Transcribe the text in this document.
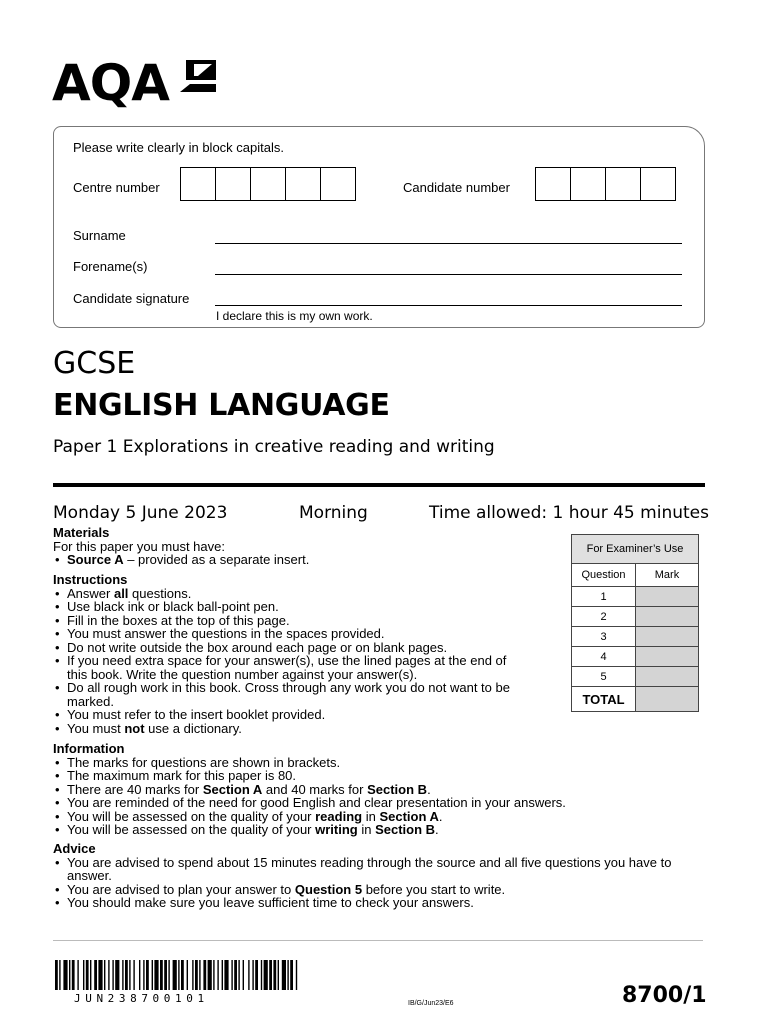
AQA
Please write clearly in block capitals.
Centre number	Candidate number
Surname
Forename(s)
Candidate signature
I declare this is my own work.
GCSE
ENGLISH LANGUAGE
Paper 1 Explorations in creative reading and writing
Monday 5 June 2023	Morning	Time allowed: 1 hour 45 minutes
Materials
For this paper you must have:
• Source A – provided as a separate insert.
Instructions
• Answer all questions.
• Use black ink or black ball-point pen.
• Fill in the boxes at the top of this page.
• You must answer the questions in the spaces provided.
• Do not write outside the box around each page or on blank pages.
• If you need extra space for your answer(s), use the lined pages at the end of this book. Write the question number against your answer(s).
• Do all rough work in this book. Cross through any work you do not want to be marked.
• You must refer to the insert booklet provided.
• You must not use a dictionary.
Information
• The marks for questions are shown in brackets.
• The maximum mark for this paper is 80.
• There are 40 marks for Section A and 40 marks for Section B.
• You are reminded of the need for good English and clear presentation in your answers.
• You will be assessed on the quality of your reading in Section A.
• You will be assessed on the quality of your writing in Section B.
Advice
• You are advised to spend about 15 minutes reading through the source and all five questions you have to answer.
• You are advised to plan your answer to Question 5 before you start to write.
• You should make sure you leave sufficient time to check your answers.
For Examiner’s Use	
Question	Mark
1	
2	
3	
4	
5	
TOTAL	
JUN238700101	IB/G/Jun23/E6	8700/1
